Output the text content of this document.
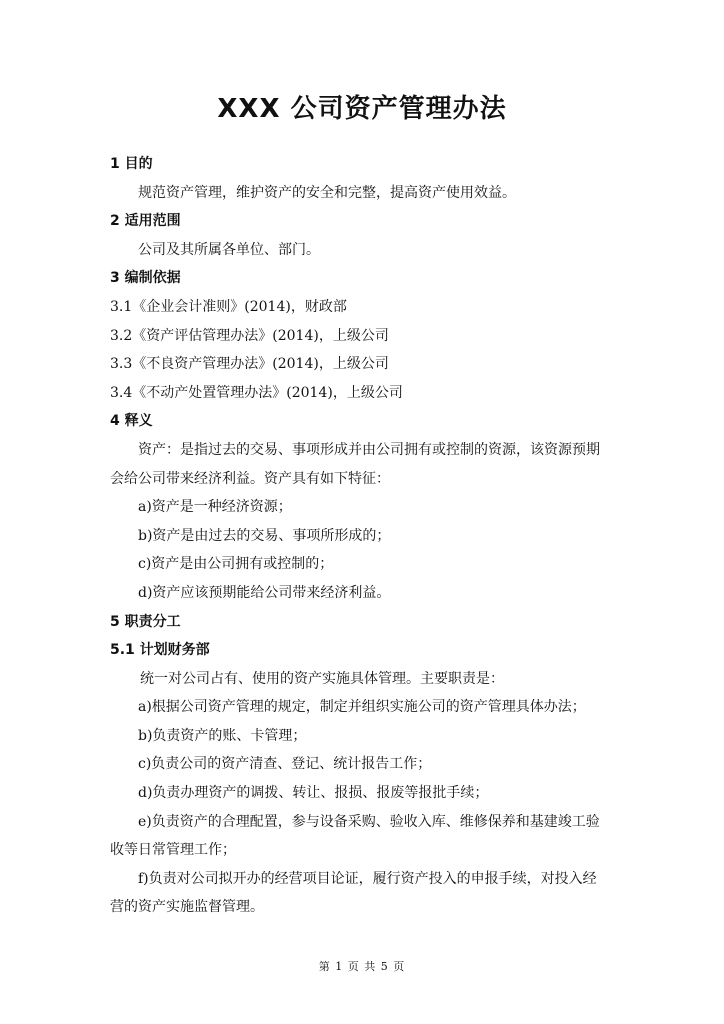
XXX 公司资产管理办法
1 目的
规范资产管理，维护资产的安全和完整，提高资产使用效益。
2 适用范围
公司及其所属各单位、部门。
3 编制依据
3.1《企业会计准则》(2014)，财政部
3.2《资产评估管理办法》(2014)，上级公司
3.3《不良资产管理办法》(2014)，上级公司
3.4《不动产处置管理办法》(2014)，上级公司
4 释义
资产：是指过去的交易、事项形成并由公司拥有或控制的资源，该资源预期
会给公司带来经济利益。资产具有如下特征：
a)资产是一种经济资源；
b)资产是由过去的交易、事项所形成的；
c)资产是由公司拥有或控制的；
d)资产应该预期能给公司带来经济利益。
5 职责分工
5.1 计划财务部
统一对公司占有、使用的资产实施具体管理。主要职责是：
a)根据公司资产管理的规定，制定并组织实施公司的资产管理具体办法；
b)负责资产的账、卡管理；
c)负责公司的资产清查、登记、统计报告工作；
d)负责办理资产的调拨、转让、报损、报废等报批手续；
e)负责资产的合理配置，参与设备采购、验收入库、维修保养和基建竣工验
收等日常管理工作；
f)负责对公司拟开办的经营项目论证，履行资产投入的申报手续，对投入经
营的资产实施监督管理。
第 1 页 共 5 页
